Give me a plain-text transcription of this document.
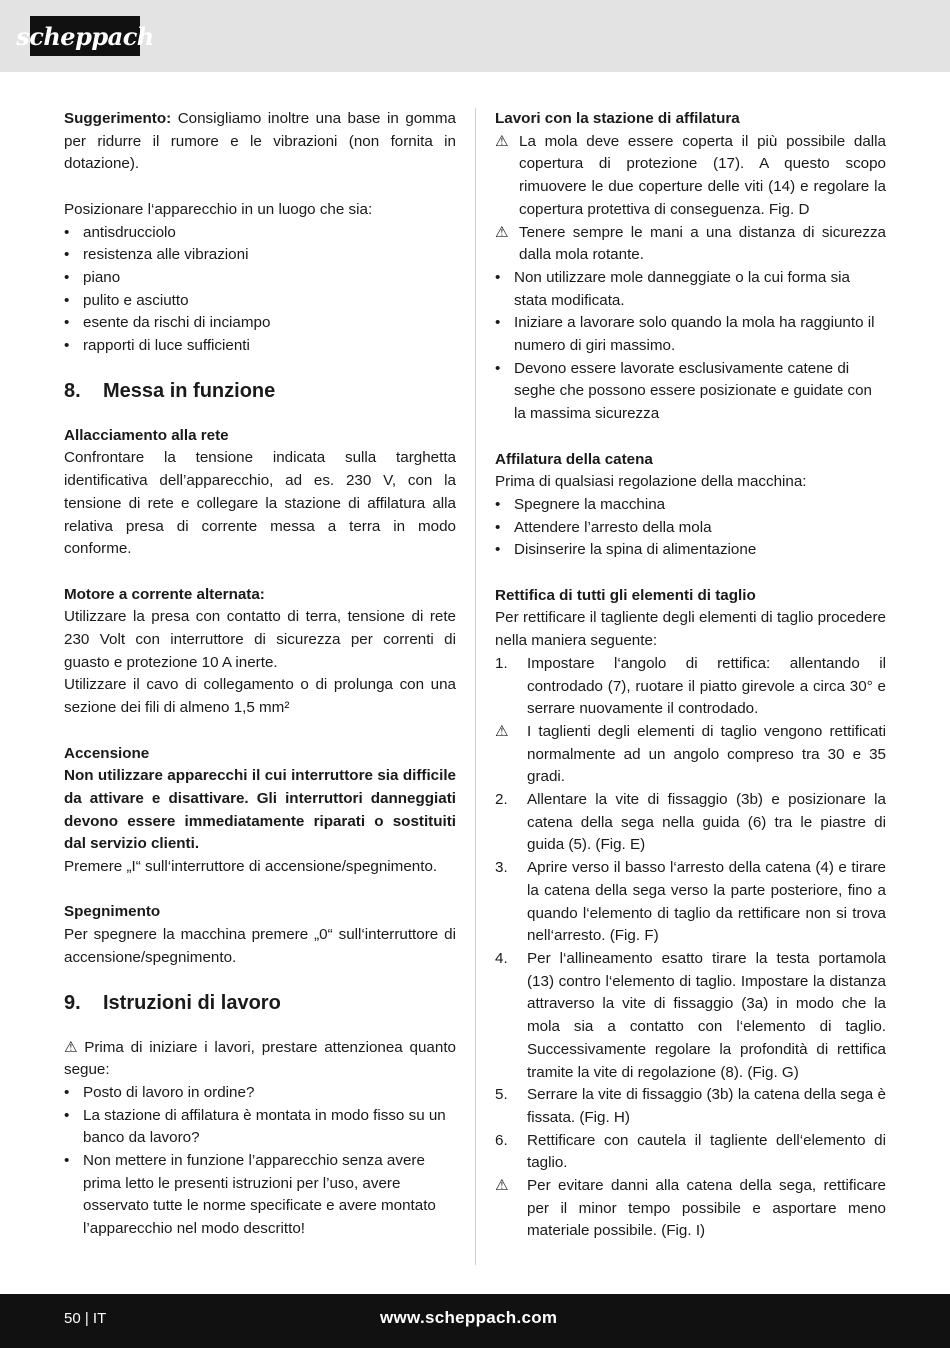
scheppach

Suggerimento: Consigliamo inoltre una base in gomma per ridurre il rumore e le vibrazioni (non fornita in dotazione).

Posizionare l‘apparecchio in un luogo che sia:

• antisdrucciolo
• resistenza alle vibrazioni
• piano
• pulito e asciutto
• esente da rischi di inciampo
• rapporti di luce sufficienti
8. Messa in funzione

Allacciamento alla rete

Confrontare la tensione indicata sulla targhetta identificativa dell’apparecchio, ad es. 230 V, con la tensione di rete e collegare la stazione di affilatura alla relativa presa di corrente messa a terra in modo conforme.

Motore a corrente alternata:

Utilizzare la presa con contatto di terra, tensione di rete 230 Volt con interruttore di sicurezza per correnti di guasto e protezione 10 A inerte.

Utilizzare il cavo di collegamento o di prolunga con una sezione dei fili di almeno 1,5 mm²

Accensione

Non utilizzare apparecchi il cui interruttore sia difficile da attivare e disattivare. Gli interruttori danneggiati devono essere immediatamente riparati o sostituiti dal servizio clienti.

Premere „I“ sull‘interruttore di accensione/spegnimento.

Spegnimento

Per spegnere la macchina premere „0“ sull‘interruttore di accensione/spegnimento.

9. Istruzioni di lavoro

⚠ Prima di iniziare i lavori, prestare attenzionea quanto segue:

• Posto di lavoro in ordine?
• La stazione di affilatura è montata in modo fisso su un banco da lavoro?
• Non mettere in funzione l’apparecchio senza avere prima letto le presenti istruzioni per l’uso, avere osservato tutte le norme specificate e avere montato l’apparecchio nel modo descritto!

Lavori con la stazione di affilatura

⚠ La mola deve essere coperta il più possibile dalla copertura di protezione (17). A questo scopo rimuovere le due coperture delle viti (14) e regolare la copertura protettiva di conseguenza. Fig. D

⚠ Tenere sempre le mani a una distanza di sicurezza dalla mola rotante.

• Non utilizzare mole danneggiate o la cui forma sia stata modificata.
• Iniziare a lavorare solo quando la mola ha raggiunto il numero di giri massimo.
• Devono essere lavorate esclusivamente catene di seghe che possono essere posizionate e guidate con la massima sicurezza

Affilatura della catena

Prima di qualsiasi regolazione della macchina:

• Spegnere la macchina
• Attendere l’arresto della mola
• Disinserire la spina di alimentazione

Rettifica di tutti gli elementi di taglio

Per rettificare il tagliente degli elementi di taglio procedere nella maniera seguente:

1. Impostare l‘angolo di rettifica: allentando il controdado (7), ruotare il piatto girevole a circa 30° e serrare nuovamente il controdado.
⚠ I taglienti degli elementi di taglio vengono rettificati normalmente ad un angolo compreso tra 30 e 35 gradi.
2. Allentare la vite di fissaggio (3b) e posizionare la catena della sega nella guida (6) tra le piastre di guida (5). (Fig. E)
3. Aprire verso il basso l‘arresto della catena (4) e tirare la catena della sega verso la parte posteriore, fino a quando l‘elemento di taglio da rettificare non si trova nell‘arresto. (Fig. F)
4. Per l‘allineamento esatto tirare la testa portamola (13) contro l‘elemento di taglio. Impostare la distanza attraverso la vite di fissaggio (3a) in modo che la mola sia a contatto con l‘elemento di taglio. Successivamente regolare la profondità di rettifica tramite la vite di regolazione (8). (Fig. G)
5. Serrare la vite di fissaggio (3b) la catena della sega è fissata. (Fig. H)
6. Rettificare con cautela il tagliente dell‘elemento di taglio.
⚠ Per evitare danni alla catena della sega, rettificare per il minor tempo possibile e asportare meno materiale possibile. (Fig. I)
50 | IT	www.scheppach.com
